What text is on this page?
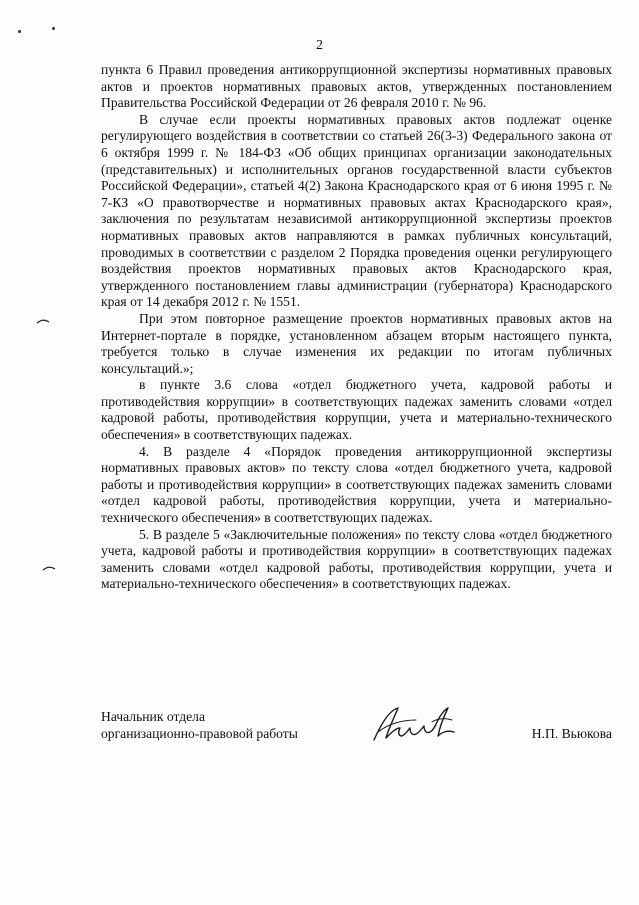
2

пункта 6 Правил проведения антикоррупционной экспертизы нормативных правовых актов и проектов нормативных правовых актов, утвержденных постановлением Правительства Российской Федерации от 26 февраля 2010 г. № 96.

В случае если проекты нормативных правовых актов подлежат оценке регулирующего воздействия в соответствии со статьей 26(3-3) Федерального закона от 6 октября 1999 г. № 184-ФЗ «Об общих принципах организации законодательных (представительных) и исполнительных органов государственной власти субъектов Российской Федерации», статьей 4(2) Закона Краснодарского края от 6 июня 1995 г. № 7-КЗ «О правотворчестве и нормативных правовых актах Краснодарского края», заключения по результатам независимой антикоррупционной экспертизы проектов нормативных правовых актов направляются в рамках публичных консультаций, проводимых в соответствии с разделом 2 Порядка проведения оценки регулирующего воздействия проектов нормативных правовых актов Краснодарского края, утвержденного постановлением главы администрации (губернатора) Краснодарского края от 14 декабря 2012 г. № 1551.

При этом повторное размещение проектов нормативных правовых актов на Интернет-портале в порядке, установленном абзацем вторым настоящего пункта, требуется только в случае изменения их редакции по итогам публичных консультаций.»;

в пункте 3.6 слова «отдел бюджетного учета, кадровой работы и противодействия коррупции» в соответствующих падежах заменить словами «отдел кадровой работы, противодействия коррупции, учета и материально-технического обеспечения» в соответствующих падежах.

4. В разделе 4 «Порядок проведения антикоррупционной экспертизы нормативных правовых актов» по тексту слова «отдел бюджетного учета, кадровой работы и противодействия коррупции» в соответствующих падежах заменить словами «отдел кадровой работы, противодействия коррупции, учета и материально-технического обеспечения» в соответствующих падежах.

5. В разделе 5 «Заключительные положения» по тексту слова «отдел бюджетного учета, кадровой работы и противодействия коррупции» в соответствующих падежах заменить словами «отдел кадровой работы, противодействия коррупции, учета и материально-технического обеспечения» в соответствующих падежах.

Начальник отдела
организационно-правовой работы	Н.П. Вьюкова
